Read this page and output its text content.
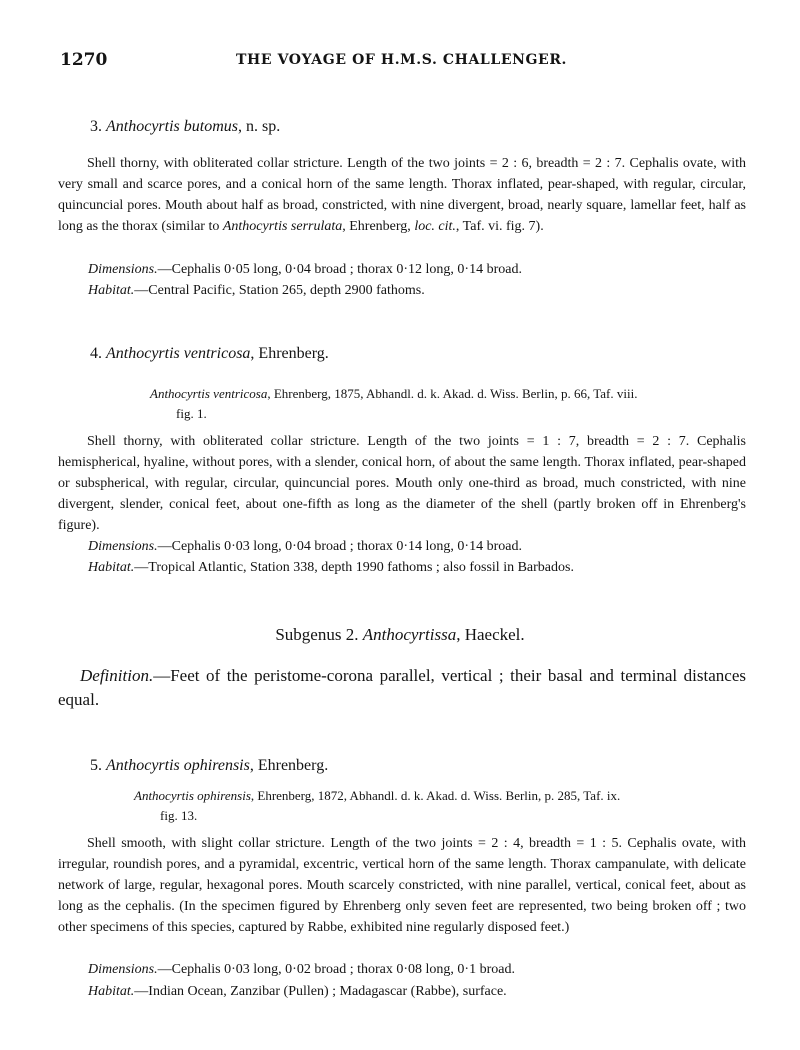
1270	THE VOYAGE OF H.M.S. CHALLENGER.
3. Anthocyrtis butomus, n. sp.
Shell thorny, with obliterated collar stricture. Length of the two joints = 2 : 6, breadth = 2 : 7. Cephalis ovate, with very small and scarce pores, and a conical horn of the same length. Thorax inflated, pear-shaped, with regular, circular, quincuncial pores. Mouth about half as broad, constricted, with nine divergent, broad, nearly square, lamellar feet, half as long as the thorax (similar to Anthocyrtis serrulata, Ehrenberg, loc. cit., Taf. vi. fig. 7).
Dimensions.—Cephalis 0·05 long, 0·04 broad ; thorax 0·12 long, 0·14 broad.
Habitat.—Central Pacific, Station 265, depth 2900 fathoms.
4. Anthocyrtis ventricosa, Ehrenberg.
Anthocyrtis ventricosa, Ehrenberg, 1875, Abhandl. d. k. Akad. d. Wiss. Berlin, p. 66, Taf. viii.
fig. 1.
Shell thorny, with obliterated collar stricture. Length of the two joints = 1 : 7, breadth = 2 : 7. Cephalis hemispherical, hyaline, without pores, with a slender, conical horn, of about the same length. Thorax inflated, pear-shaped or subspherical, with regular, circular, quincuncial pores. Mouth only one-third as broad, much constricted, with nine divergent, slender, conical feet, about one-fifth as long as the diameter of the shell (partly broken off in Ehrenberg's figure).
Dimensions.—Cephalis 0·03 long, 0·04 broad ; thorax 0·14 long, 0·14 broad.
Habitat.—Tropical Atlantic, Station 338, depth 1990 fathoms ; also fossil in Barbados.
Subgenus 2. Anthocyrtissa, Haeckel.
Definition.—Feet of the peristome-corona parallel, vertical ; their basal and terminal distances equal.
5. Anthocyrtis ophirensis, Ehrenberg.
Anthocyrtis ophirensis, Ehrenberg, 1872, Abhandl. d. k. Akad. d. Wiss. Berlin, p. 285, Taf. ix.
fig. 13.
Shell smooth, with slight collar stricture. Length of the two joints = 2 : 4, breadth = 1 : 5. Cephalis ovate, with irregular, roundish pores, and a pyramidal, excentric, vertical horn of the same length. Thorax campanulate, with delicate network of large, regular, hexagonal pores. Mouth scarcely constricted, with nine parallel, vertical, conical feet, about as long as the cephalis. (In the specimen figured by Ehrenberg only seven feet are represented, two being broken off ; two other specimens of this species, captured by Rabbe, exhibited nine regularly disposed feet.)
Dimensions.—Cephalis 0·03 long, 0·02 broad ; thorax 0·08 long, 0·1 broad.
Habitat.—Indian Ocean, Zanzibar (Pullen) ; Madagascar (Rabbe), surface.
